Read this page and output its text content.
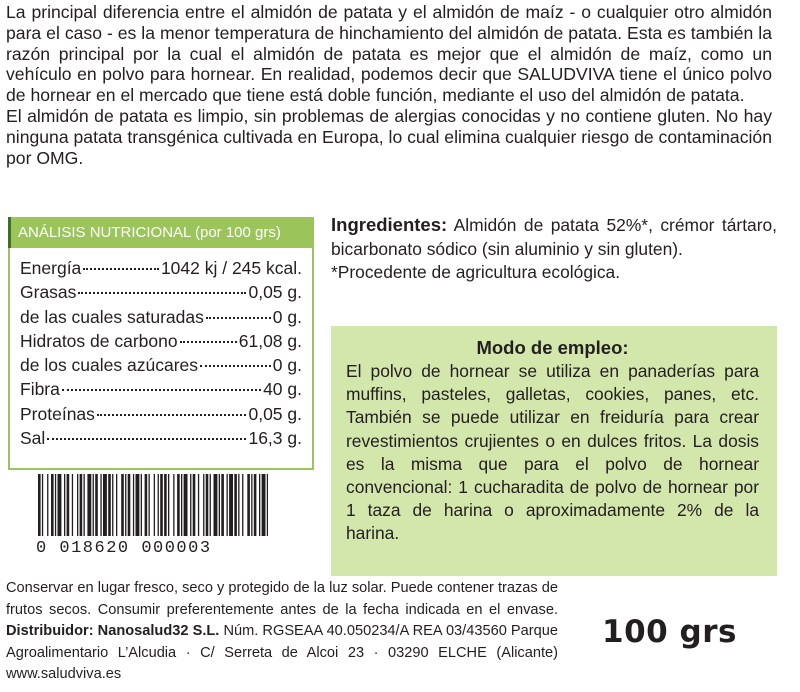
La principal diferencia entre el almidón de patata y el almidón de maíz - o cualquier otro almidón para el caso - es la menor temperatura de hinchamiento del almidón de patata. Esta es también la razón principal por la cual el almidón de patata es mejor que el almidón de maíz, como un vehículo en polvo para hornear. En realidad, podemos decir que SALUDVIVA tiene el único polvo de hornear en el mercado que tiene está doble función, mediante el uso del almidón de patata.

El almidón de patata es limpio, sin problemas de alergias conocidas y no contiene gluten. No hay ninguna patata transgénica cultivada en Europa, lo cual elimina cualquier riesgo de contaminación por OMG.

ANÁLISIS NUTRICIONAL (por 100 grs)
Energía	1042 kj / 245 kcal.
Grasas	0,05 g.
de las cuales saturadas	0 g.
Hidratos de carbono	61,08 g.
de los cuales azúcares	0 g.
Fibra	40 g.
Proteínas	0,05 g.
Sal	16,3 g.
0 018620 000003

Ingredientes: Almidón de patata 52%*, crémor tártaro, bicarbonato sódico (sin aluminio y sin gluten).

*Procedente de agricultura ecológica.

Modo de empleo:
El polvo de hornear se utiliza en panaderías para muffins, pasteles, galletas, cookies, panes, etc. También se puede utilizar en freiduría para crear revestimientos crujientes o en dulces fritos. La dosis es la misma que para el polvo de hornear convencional: 1 cucharadita de polvo de hornear por 1 taza de harina o aproximadamente 2% de la harina.
Conservar en lugar fresco, seco y protegido de la luz solar. Puede contener trazas de frutos secos. Consumir preferentemente antes de la fecha indicada en el envase. Distribuidor: Nanosalud32 S.L. Núm. RGSEAA 40.050234/A REA 03/43560 Parque Agroalimentario L’Alcudia · C/ Serreta de Alcoi 23 · 03290 ELCHE (Alicante) www.saludviva.es
100 grs
